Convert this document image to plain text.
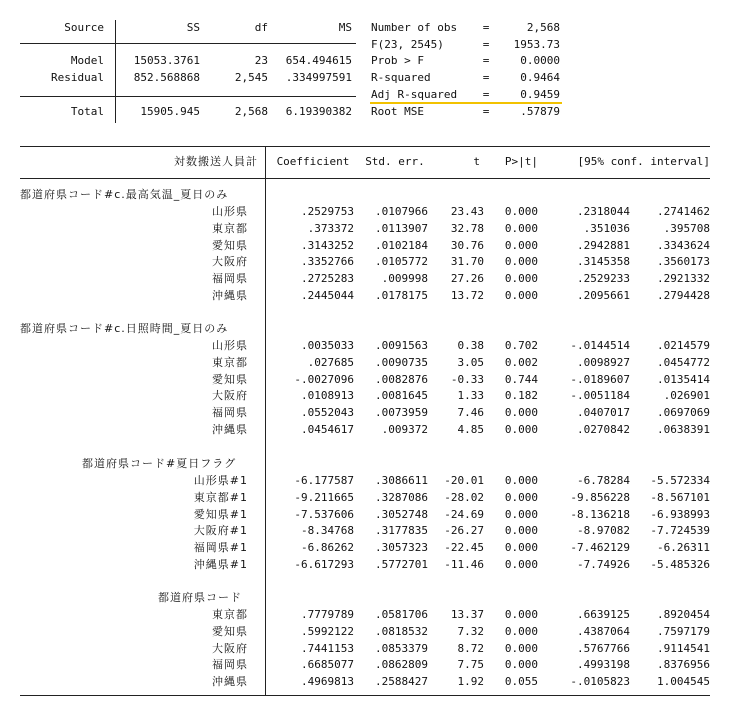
Source	SS	df	MS
Model	15053.3761	23	654.494615
Residual	852.568868	2,545	.334997591
Total	15905.945	2,568	6.19390382
Number of obs	=	2,568
F(23, 2545)	=	1953.73
Prob > F	=	0.0000
R-squared	=	0.9464
Adj R-squared	=	0.9459
Root MSE	=	.57879
対数搬送人員計	Coefficient	Std. err.	t	P>|t|	[95% conf. interval]
都道府県コード#c.最高気温_夏日のみ
山形県	.2529753	.0107966	23.43	0.000	.2318044	.2741462
東京都	.373372	.0113907	32.78	0.000	.351036	.395708
愛知県	.3143252	.0102184	30.76	0.000	.2942881	.3343624
大阪府	.3352766	.0105772	31.70	0.000	.3145358	.3560173
福岡県	.2725283	.009998	27.26	0.000	.2529233	.2921332
沖縄県	.2445044	.0178175	13.72	0.000	.2095661	.2794428
都道府県コード#c.日照時間_夏日のみ
山形県	.0035033	.0091563	0.38	0.702	-.0144514	.0214579
東京都	.027685	.0090735	3.05	0.002	.0098927	.0454772
愛知県	-.0027096	.0082876	-0.33	0.744	-.0189607	.0135414
大阪府	.0108913	.0081645	1.33	0.182	-.0051184	.026901
福岡県	.0552043	.0073959	7.46	0.000	.0407017	.0697069
沖縄県	.0454617	.009372	4.85	0.000	.0270842	.0638391
都道府県コード#夏日フラグ
山形県#1	-6.177587	.3086611	-20.01	0.000	-6.78284	-5.572334
東京都#1	-9.211665	.3287086	-28.02	0.000	-9.856228	-8.567101
愛知県#1	-7.537606	.3052748	-24.69	0.000	-8.136218	-6.938993
大阪府#1	-8.34768	.3177835	-26.27	0.000	-8.97082	-7.724539
福岡県#1	-6.86262	.3057323	-22.45	0.000	-7.462129	-6.26311
沖縄県#1	-6.617293	.5772701	-11.46	0.000	-7.74926	-5.485326
都道府県コード
東京都	.7779789	.0581706	13.37	0.000	.6639125	.8920454
愛知県	.5992122	.0818532	7.32	0.000	.4387064	.7597179
大阪府	.7441153	.0853379	8.72	0.000	.5767766	.9114541
福岡県	.6685077	.0862809	7.75	0.000	.4993198	.8376956
沖縄県	.4969813	.2588427	1.92	0.055	-.0105823	1.004545
